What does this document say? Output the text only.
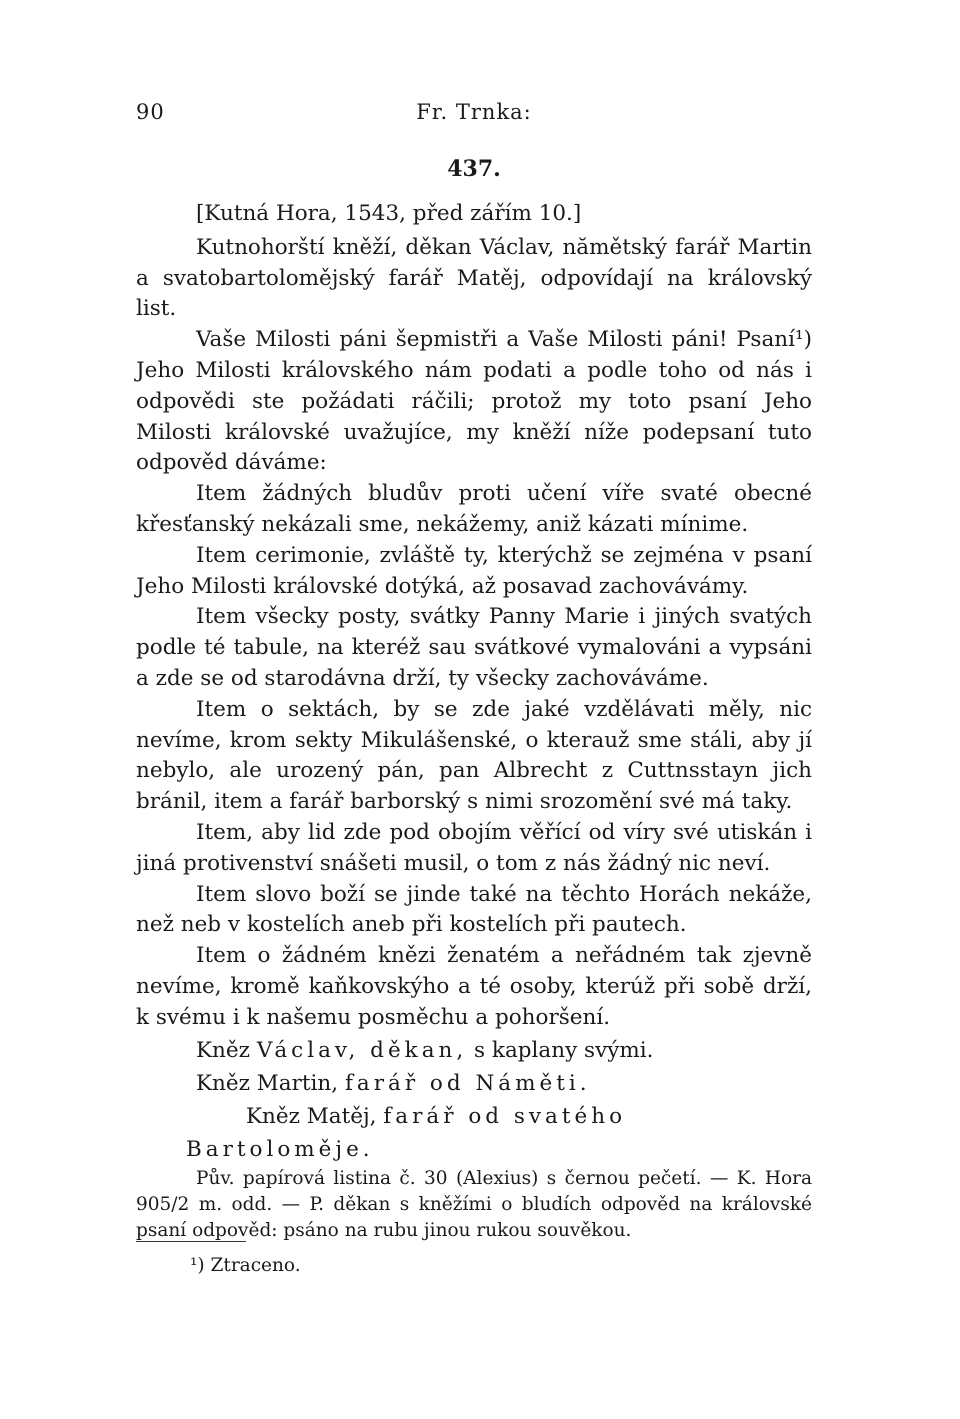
90	Fr. Trnka:
437.

[Kutná Hora, 1543, před zářím 10.]

Kutnohorští kněží, děkan Václav, nămětský farář Martin a svatobartolomějský farář Matěj, odpovídají na královský list.

Vaše Milosti páni šepmistři a Vaše Milosti páni! Psaní¹) Jeho Milosti královského nám podati a podle toho od nás i odpovědi ste požádati ráčili; protož my toto psaní Jeho Milosti královské uvažujíce, my kněží níže podepsaní tuto odpověd dáváme:

Item žádných bludův proti učení víře svaté obecné křesťanský nekázali sme, nekážemy, aniž kázati mínime.

Item cerimonie, zvláště ty, kterýchž se zejména v psaní Jeho Milosti královské dotýká, až posavad zachovávámy.

Item všecky posty, svátky Panny Marie i jiných svatých podle té tabule, na kteréž sau svátkové vymalováni a vypsáni a zde se od starodávna drží, ty všecky zachováváme.

Item o sektách, by se zde jaké vzdělávati měly, nic nevíme, krom sekty Mikulášenské, o kterauž sme stáli, aby jí nebylo, ale urozený pán, pan Albrecht z Cuttnsstayn jich bránil, item a farář barborský s nimi srozomění své má taky.

Item, aby lid zde pod obojím věřící od víry své utiskán i jiná protivenství snášeti musil, o tom z nás žádný nic neví.

Item slovo boží se jinde také na těchto Horách nekáže, než neb v kostelích aneb při kostelích při pautech.

Item o žádném knězi ženatém a neřádném tak zjevně nevíme, kromě kaňkovskýho a té osoby, kterúž při sobě drží, k svému i k našemu posměchu a pohoršení.

Kněz Václav, děkan, s kaplany svými.

Kněz Martin, farář od Náměti.

Kněz Matěj, farář od svatého Bartoloměje.

Pův. papírová listina č. 30 (Alexius) s černou pečetí. — K. Hora 905/2 m. odd. — P. děkan s kněžími o bludích odpověd na královské psaní odpověd: psáno na rubu jinou rukou souvěkou.

¹) Ztraceno.
